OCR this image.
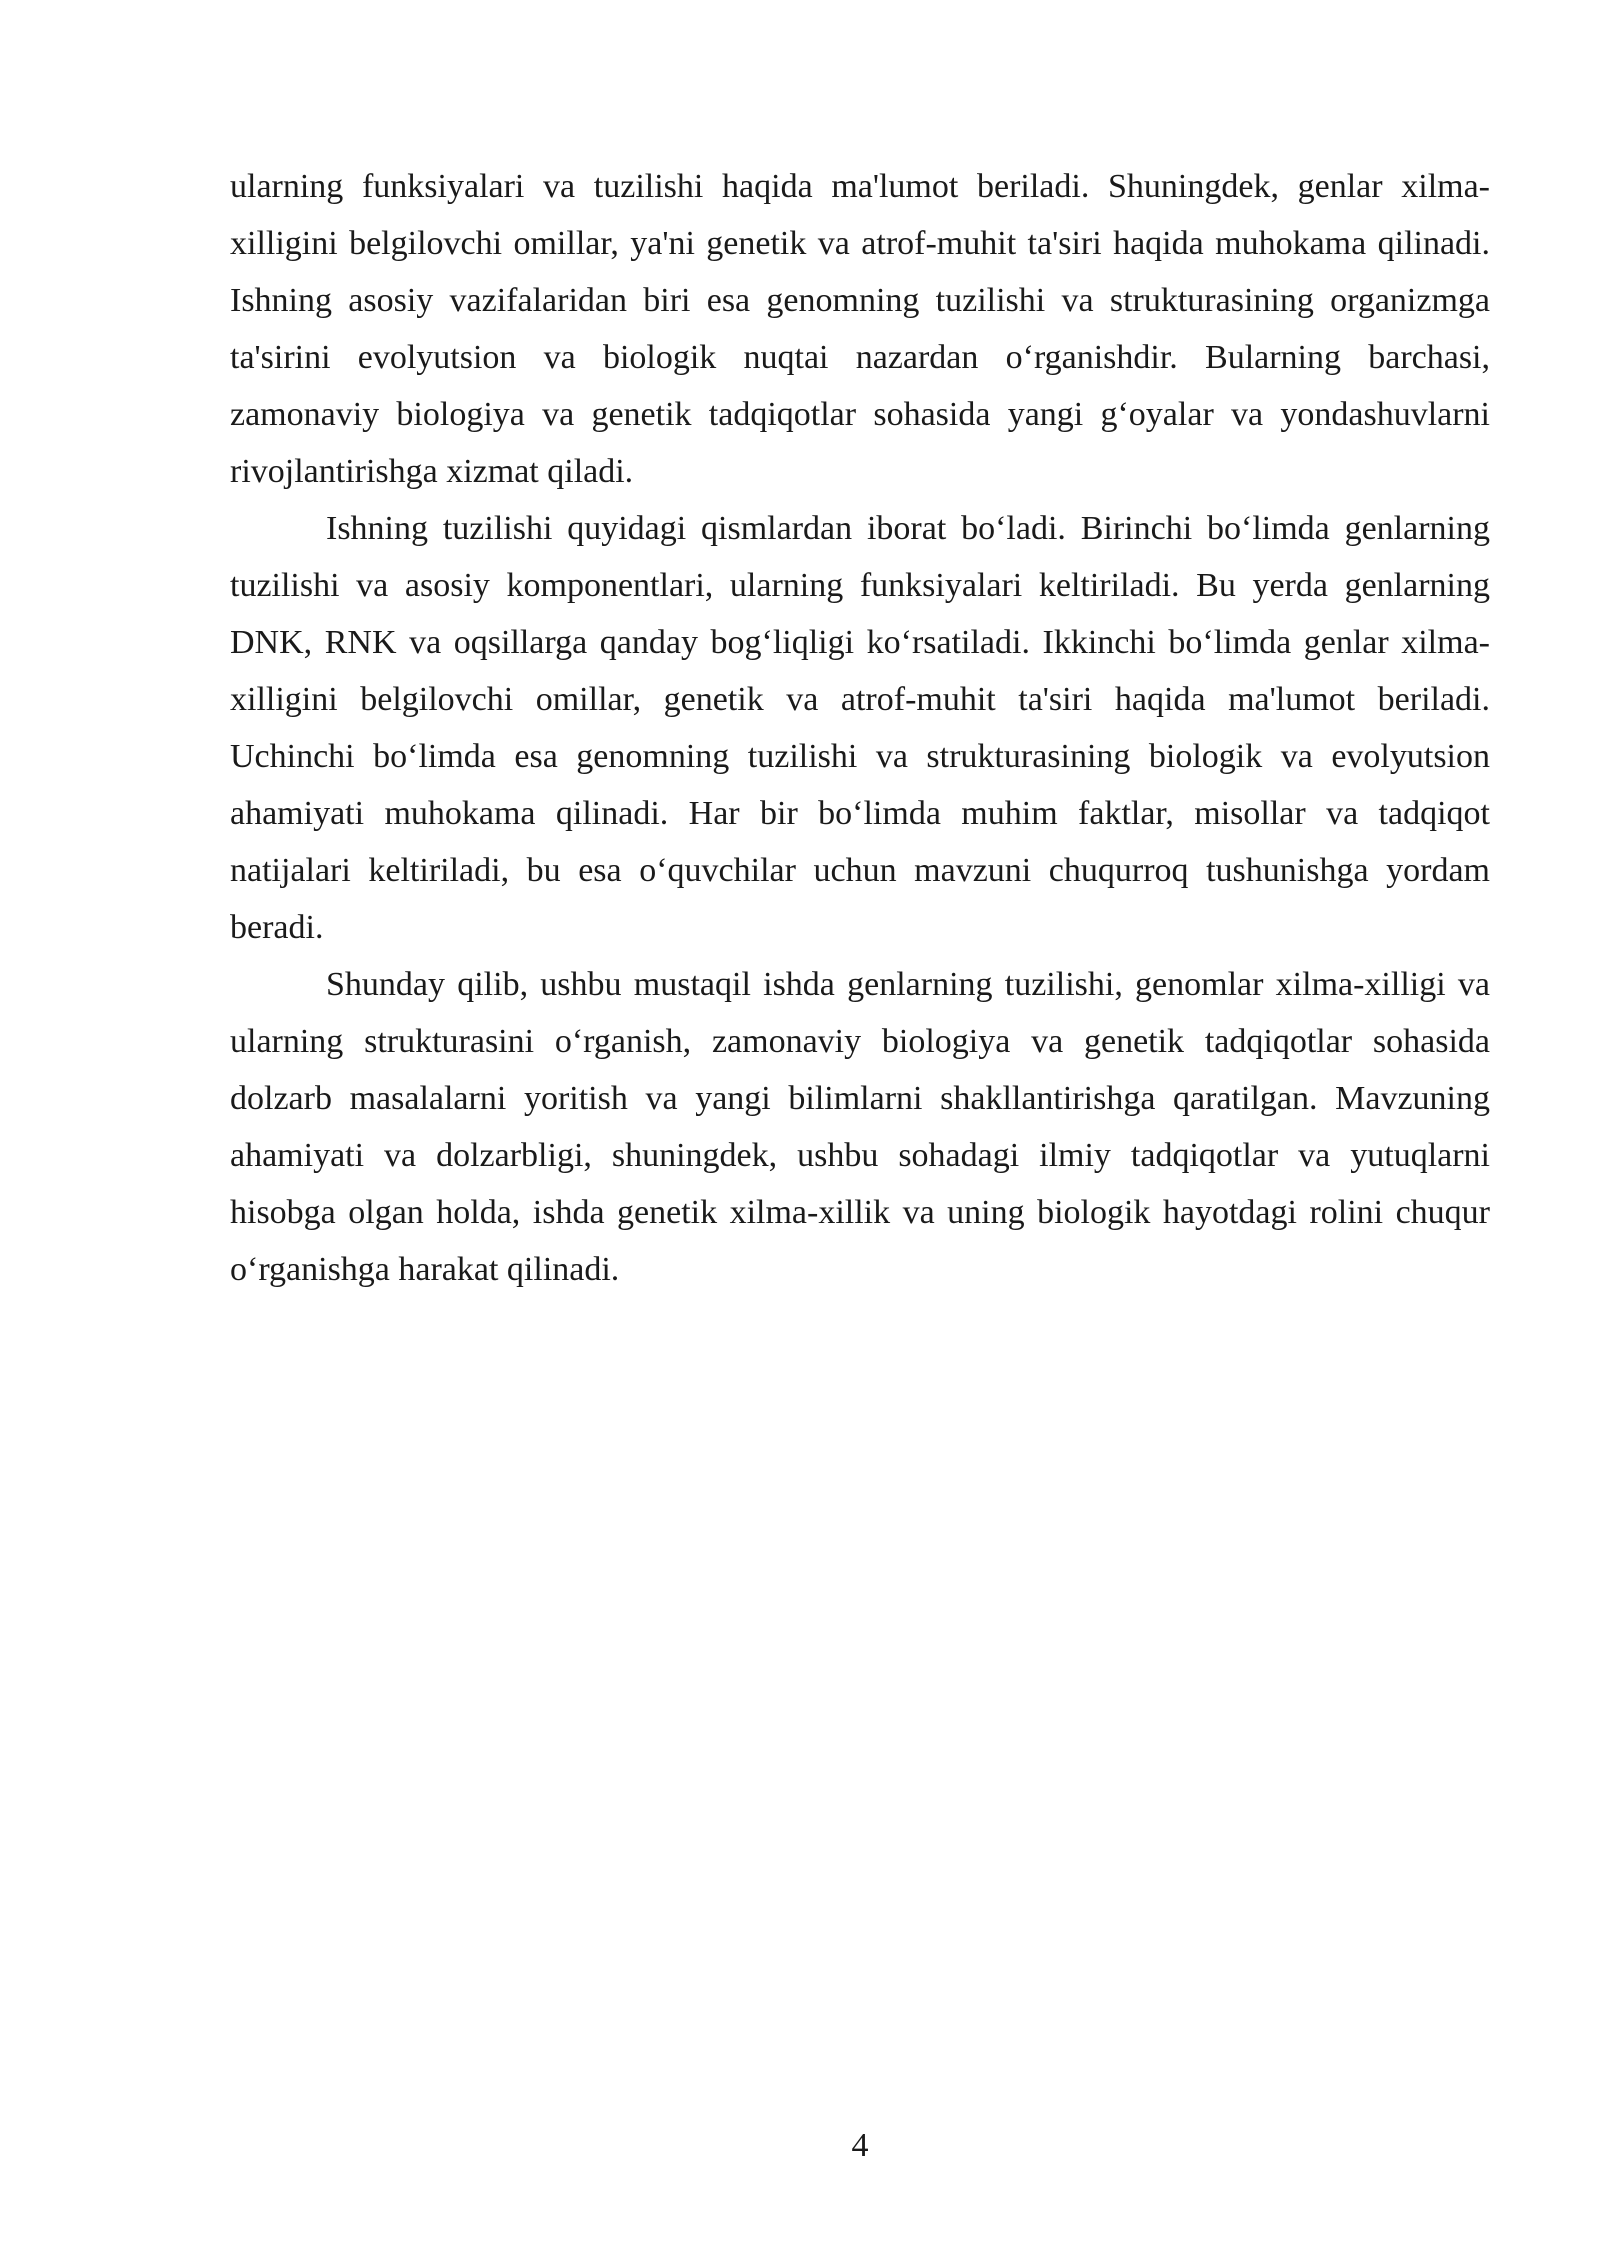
ularning funksiyalari va tuzilishi haqida ma'lumot beriladi. Shuningdek, genlar xilma-xilligini belgilovchi omillar, ya'ni genetik va atrof-muhit ta'siri haqida muhokama qilinadi. Ishning asosiy vazifalaridan biri esa genomning tuzilishi va strukturasining organizmga ta'sirini evolyutsion va biologik nuqtai nazardan o‘rganishdir. Bularning barchasi, zamonaviy biologiya va genetik tadqiqotlar sohasida yangi g‘oyalar va yondashuvlarni rivojlantirishga xizmat qiladi.

Ishning tuzilishi quyidagi qismlardan iborat bo‘ladi. Birinchi bo‘limda genlarning tuzilishi va asosiy komponentlari, ularning funksiyalari keltiriladi. Bu yerda genlarning DNK, RNK va oqsillarga qanday bog‘liqligi ko‘rsatiladi. Ikkinchi bo‘limda genlar xilma-xilligini belgilovchi omillar, genetik va atrof-muhit ta'siri haqida ma'lumot beriladi. Uchinchi bo‘limda esa genomning tuzilishi va strukturasining biologik va evolyutsion ahamiyati muhokama qilinadi. Har bir bo‘limda muhim faktlar, misollar va tadqiqot natijalari keltiriladi, bu esa o‘quvchilar uchun mavzuni chuqurroq tushunishga yordam beradi.

Shunday qilib, ushbu mustaqil ishda genlarning tuzilishi, genomlar xilma-xilligi va ularning strukturasini o‘rganish, zamonaviy biologiya va genetik tadqiqotlar sohasida dolzarb masalalarni yoritish va yangi bilimlarni shakllantirishga qaratilgan. Mavzuning ahamiyati va dolzarbligi, shuningdek, ushbu sohadagi ilmiy tadqiqotlar va yutuqlarni hisobga olgan holda, ishda genetik xilma-xillik va uning biologik hayotdagi rolini chuqur o‘rganishga harakat qilinadi.

4
